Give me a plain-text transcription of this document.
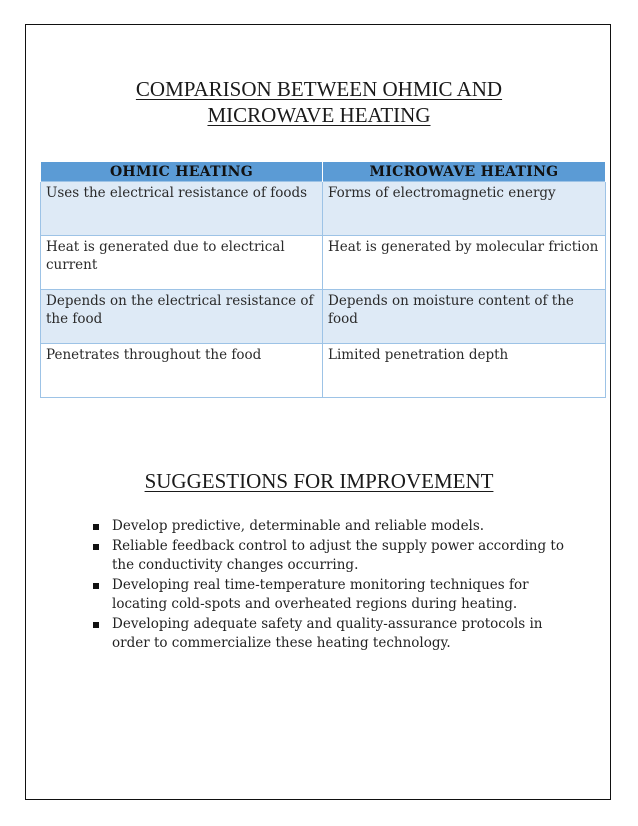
COMPARISON BETWEEN OHMIC AND
MICROWAVE HEATING
OHMIC HEATING	MICROWAVE HEATING
Uses the electrical resistance of foods	Forms of electromagnetic energy
Heat is generated due to electrical current	Heat is generated by molecular friction
Depends on the electrical resistance of the food	Depends on moisture content of the food
Penetrates throughout the food	Limited penetration depth
SUGGESTIONS FOR IMPROVEMENT
Develop predictive, determinable and reliable models.
Reliable feedback control to adjust the supply power according to the conductivity changes occurring.
Developing real time-temperature monitoring techniques for locating cold-spots and overheated regions during heating.
Developing adequate safety and quality-assurance protocols in order to commercialize these heating technology.
